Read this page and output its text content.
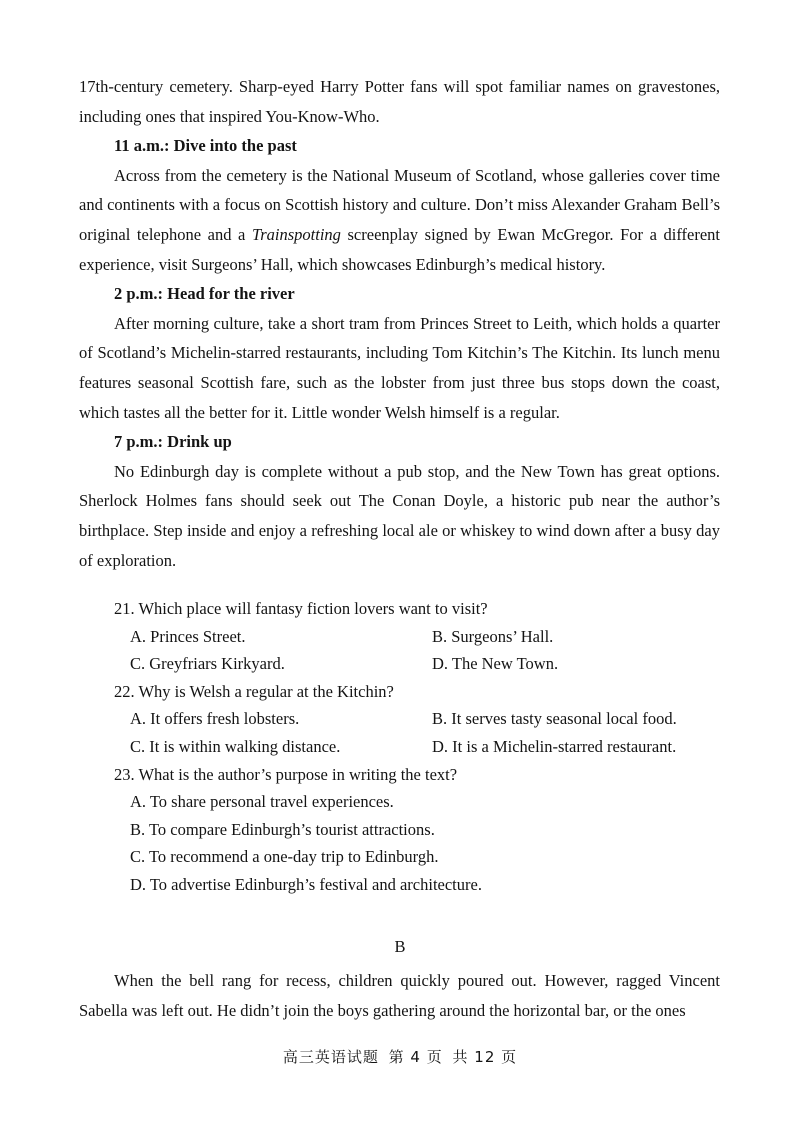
17th-century cemetery. Sharp-eyed Harry Potter fans will spot familiar names on gravestones, including ones that inspired You-Know-Who.

11 a.m.: Dive into the past

Across from the cemetery is the National Museum of Scotland, whose galleries cover time and continents with a focus on Scottish history and culture. Don’t miss Alexander Graham Bell’s original telephone and a Trainspotting screenplay signed by Ewan McGregor. For a different experience, visit Surgeons’ Hall, which showcases Edinburgh’s medical history.

2 p.m.: Head for the river

After morning culture, take a short tram from Princes Street to Leith, which holds a quarter of Scotland’s Michelin-starred restaurants, including Tom Kitchin’s The Kitchin. Its lunch menu features seasonal Scottish fare, such as the lobster from just three bus stops down the coast, which tastes all the better for it. Little wonder Welsh himself is a regular.

7 p.m.: Drink up

No Edinburgh day is complete without a pub stop, and the New Town has great options. Sherlock Holmes fans should seek out The Conan Doyle, a historic pub near the author’s birthplace. Step inside and enjoy a refreshing local ale or whiskey to wind down after a busy day of exploration.

21. Which place will fantasy fiction lovers want to visit?

A. Princes Street.	B. Surgeons’ Hall.
C. Greyfriars Kirkyard.	D. The New Town.

22. Why is Welsh a regular at the Kitchin?

A. It offers fresh lobsters.	B. It serves tasty seasonal local food.
C. It is within walking distance.	D. It is a Michelin-starred restaurant.

23. What is the author’s purpose in writing the text?

A. To share personal travel experiences.
B. To compare Edinburgh’s tourist attractions.
C. To recommend a one-day trip to Edinburgh.
D. To advertise Edinburgh’s festival and architecture.
B

When the bell rang for recess, children quickly poured out. However, ragged Vincent Sabella was left out. He didn’t join the boys gathering around the horizontal bar, or the ones

高三英语试题 第 4 页 共 12 页
